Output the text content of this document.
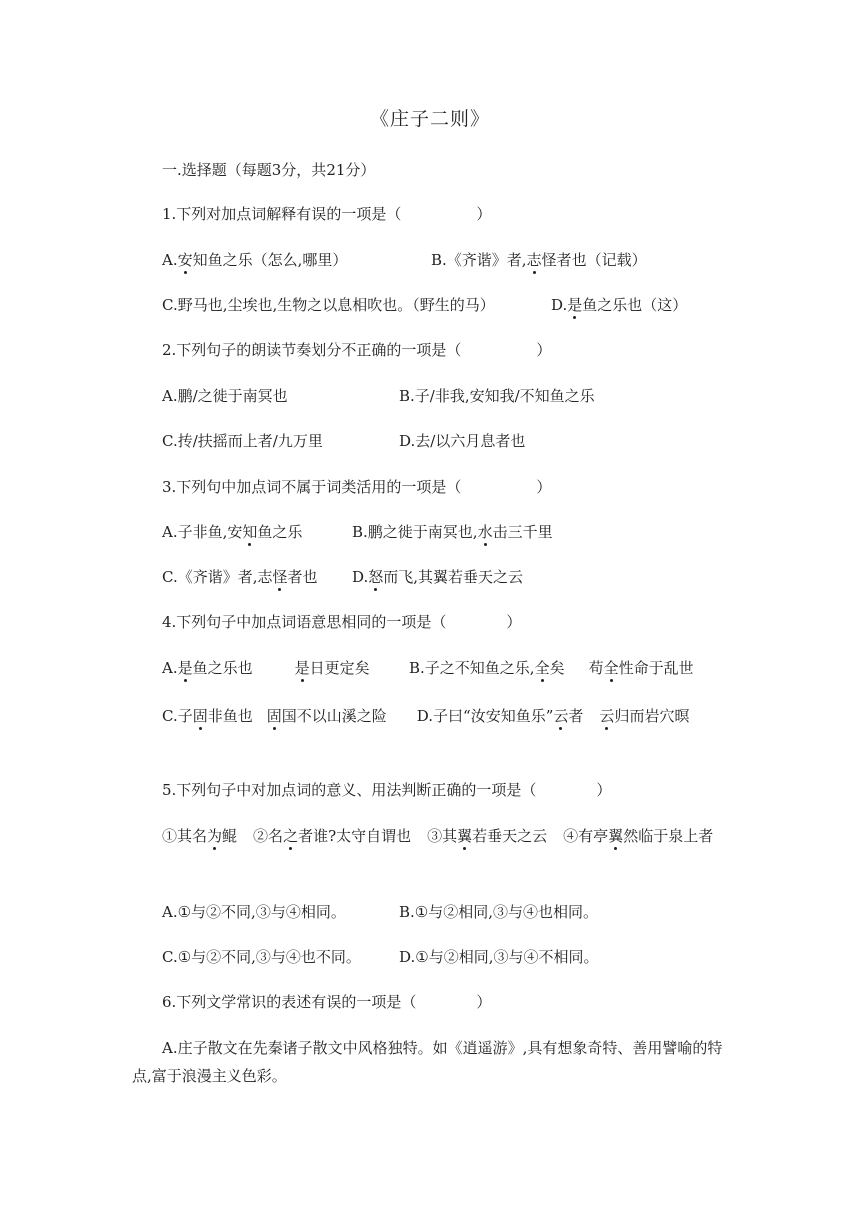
《庄子二则》
一.选择题（每题3分，共21分）
1.下列对加点词解释有误的一项是（　　　　　）
A.安知鱼之乐（怎么,哪里）	B.《齐谐》者,志怪者也（记载）
C.野马也,尘埃也,生物之以息相吹也。（野生的马）	D.是鱼之乐也（这）
2.下列句子的朗读节奏划分不正确的一项是（　　　　　）
A.鹏/之徙于南冥也	B.子/非我,安知我/不知鱼之乐
C.抟/扶摇而上者/九万里	D.去/以六月息者也
3.下列句中加点词不属于词类活用的一项是（　　　　　）
A.子非鱼,安知鱼之乐	B.鹏之徙于南冥也,水击三千里
C.《齐谐》者,志怪者也 D.怒而飞,其翼若垂天之云
4.下列句子中加点词语意思相同的一项是（　　　　）
A.是鱼之乐也	是日更定矣	B.子之不知鱼之乐,全矣 苟全性命于乱世
C.子固非鱼也 固国不以山溪之险 D.子曰“汝安知鱼乐”云者 云归而岩穴暝
5.下列句子中对加点词的意义、用法判断正确的一项是（　　　　）
①其名为鲲 ②名之者谁?太守自谓也 ③其翼若垂天之云 ④有亭翼然临于泉上者
A.①与②不同,③与④相同。	B.①与②相同,③与④也相同。
C.①与②不同,③与④也不同。	D.①与②相同,③与④不相同。
6.下列文学常识的表述有误的一项是（　　　　）
A.庄子散文在先秦诸子散文中风格独特。如《逍遥游》,具有想象奇特、善用譬喻的特点,富于浪漫主义色彩。
